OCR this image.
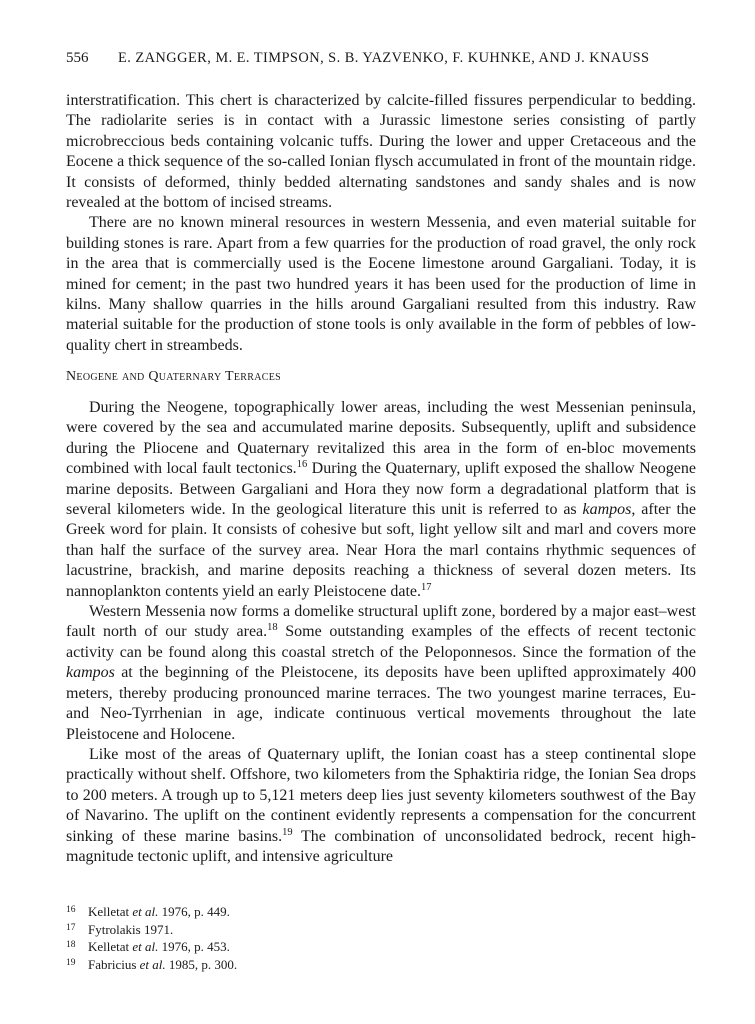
556 E. ZANGGER, M. E. TIMPSON, S. B. YAZVENKO, F. KUHNKE, AND J. KNAUSS

interstratification. This chert is characterized by calcite-filled fissures perpendicular to bedding. The radiolarite series is in contact with a Jurassic limestone series consisting of partly microbreccious beds containing volcanic tuffs. During the lower and upper Cretaceous and the Eocene a thick sequence of the so-called Ionian flysch accumulated in front of the mountain ridge. It consists of deformed, thinly bedded alternating sandstones and sandy shales and is now revealed at the bottom of incised streams.

There are no known mineral resources in western Messenia, and even material suitable for building stones is rare. Apart from a few quarries for the production of road gravel, the only rock in the area that is commercially used is the Eocene limestone around Gargaliani. Today, it is mined for cement; in the past two hundred years it has been used for the production of lime in kilns. Many shallow quarries in the hills around Gargaliani resulted from this industry. Raw material suitable for the production of stone tools is only available in the form of pebbles of low-quality chert in streambeds.

Neogene and Quaternary Terraces

During the Neogene, topographically lower areas, including the west Messenian peninsula, were covered by the sea and accumulated marine deposits. Subsequently, uplift and subsidence during the Pliocene and Quaternary revitalized this area in the form of en-bloc movements combined with local fault tectonics.$^{16}$ During the Quaternary, uplift exposed the shallow Neogene marine deposits. Between Gargaliani and Hora they now form a degradational platform that is several kilometers wide. In the geological literature this unit is referred to as kampos, after the Greek word for plain. It consists of cohesive but soft, light yellow silt and marl and covers more than half the surface of the survey area. Near Hora the marl contains rhythmic sequences of lacustrine, brackish, and marine deposits reaching a thickness of several dozen meters. Its nannoplankton contents yield an early Pleistocene date.$^{17}$

Western Messenia now forms a domelike structural uplift zone, bordered by a major east–west fault north of our study area.$^{18}$ Some outstanding examples of the effects of recent tectonic activity can be found along this coastal stretch of the Peloponnesos. Since the formation of the kampos at the beginning of the Pleistocene, its deposits have been uplifted approximately 400 meters, thereby producing pronounced marine terraces. The two youngest marine terraces, Eu- and Neo-Tyrrhenian in age, indicate continuous vertical movements throughout the late Pleistocene and Holocene.

Like most of the areas of Quaternary uplift, the Ionian coast has a steep continental slope practically without shelf. Offshore, two kilometers from the Sphaktiria ridge, the Ionian Sea drops to 200 meters. A trough up to 5,121 meters deep lies just seventy kilometers southwest of the Bay of Navarino. The uplift on the continent evidently represents a compensation for the concurrent sinking of these marine basins.$^{19}$ The combination of unconsolidated bedrock, recent high-magnitude tectonic uplift, and intensive agriculture

16 Kelletat et al. 1976, p. 449.
17 Fytrolakis 1971.
18 Kelletat et al. 1976, p. 453.
19 Fabricius et al. 1985, p. 300.
